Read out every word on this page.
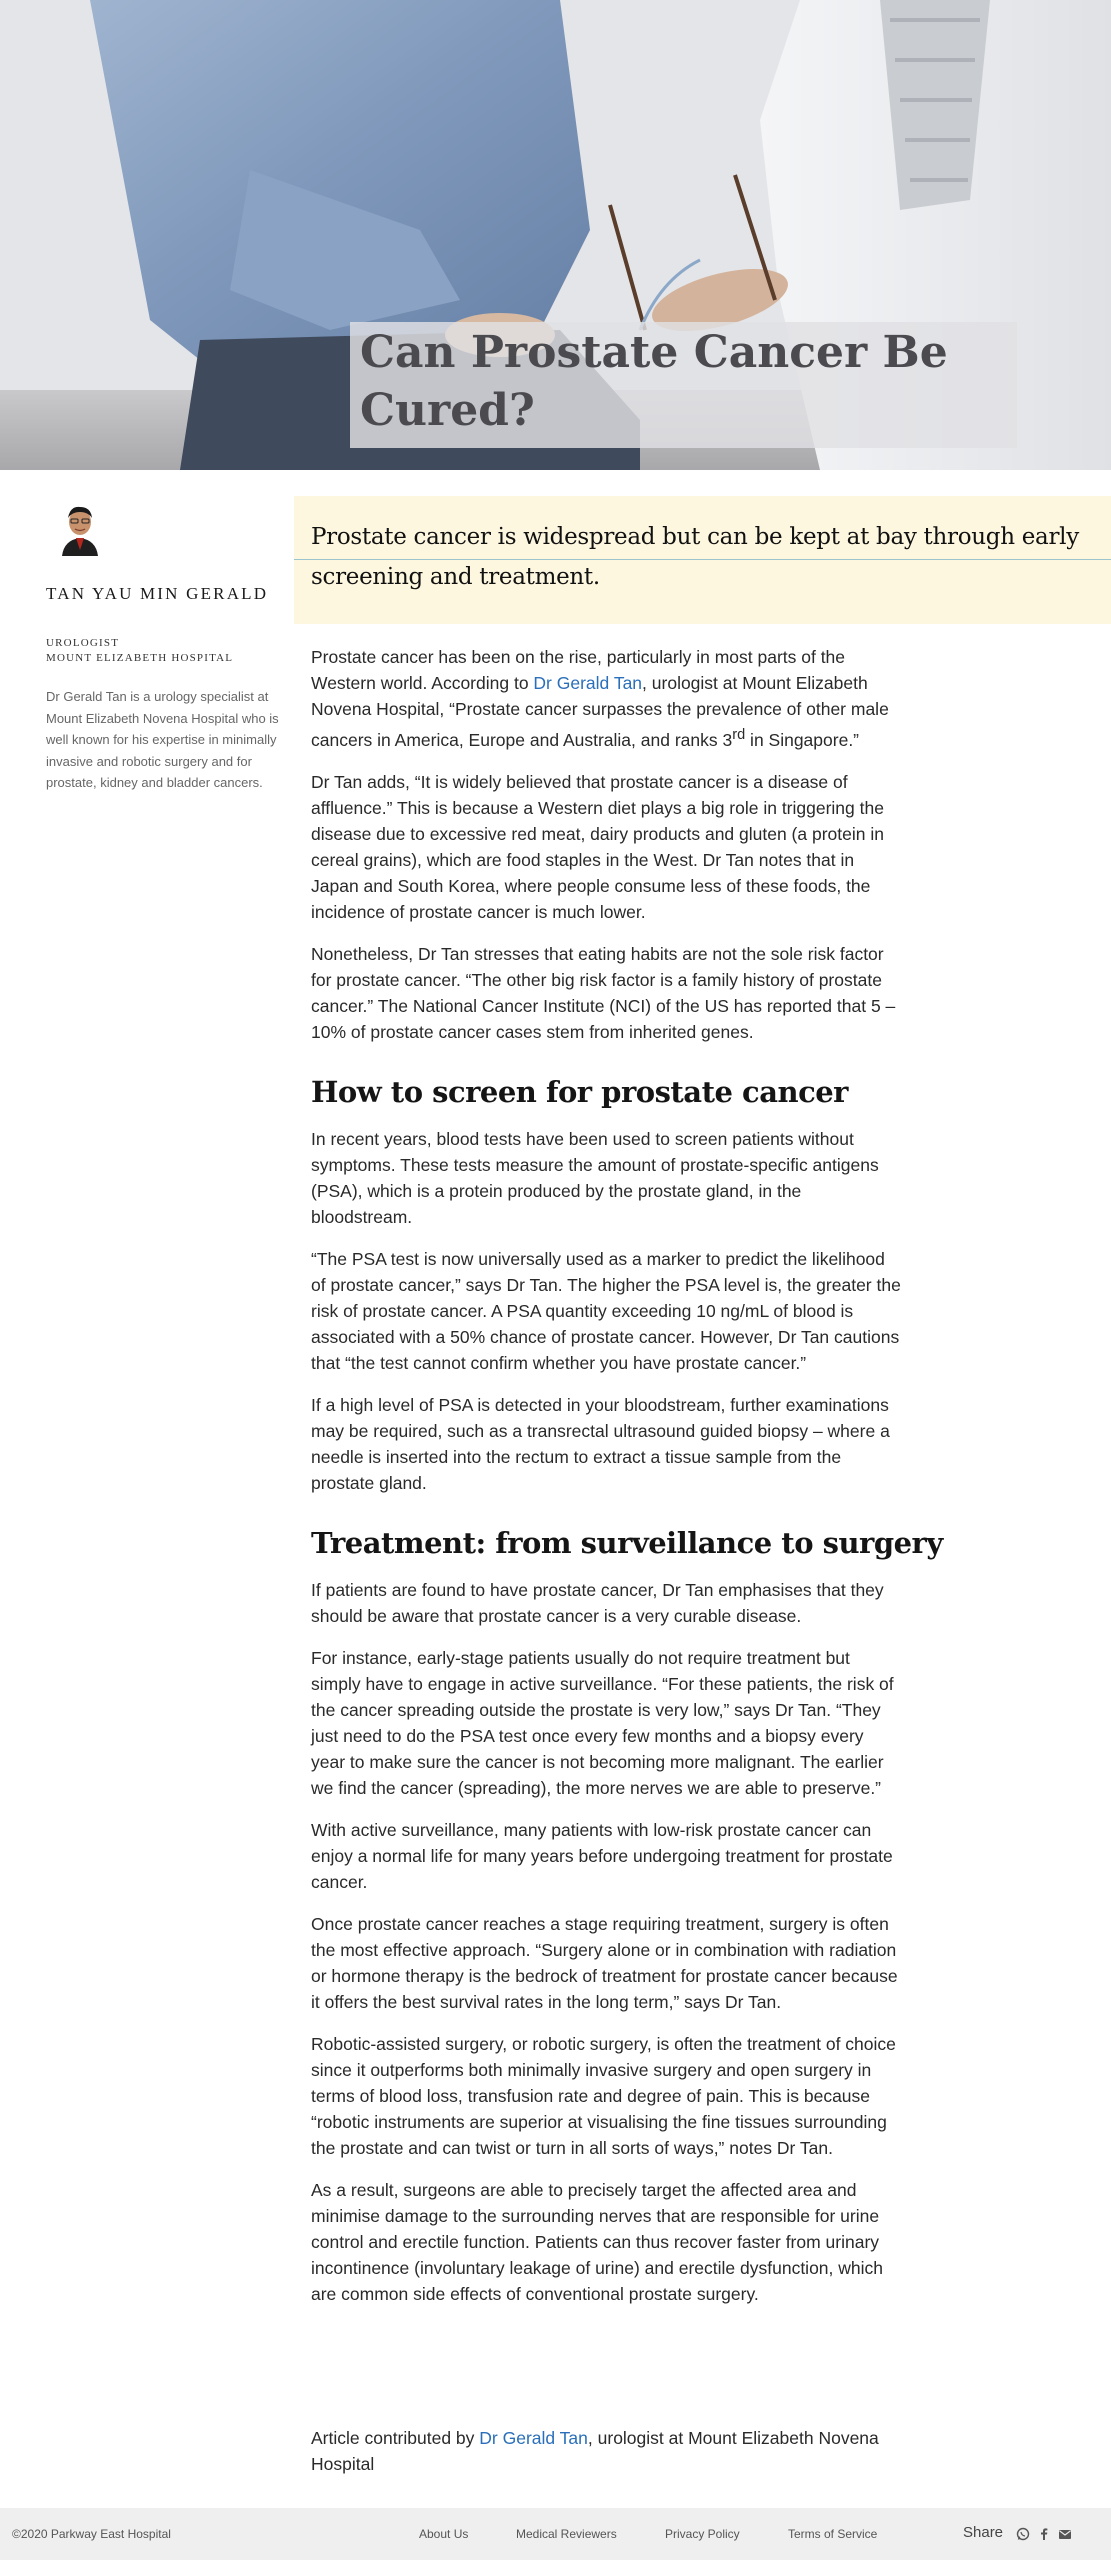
Can Prostate Cancer Be Cured?

TAN YAU MIN GERALD

UROLOGIST
MOUNT ELIZABETH HOSPITAL

Dr Gerald Tan is a urology specialist at Mount Elizabeth Novena Hospital who is well known for his expertise in minimally invasive and robotic surgery and for prostate, kidney and bladder cancers.

Prostate cancer is widespread but can be kept at bay through early screening and treatment.

Prostate cancer has been on the rise, particularly in most parts of the Western world. According to Dr Gerald Tan, urologist at Mount Elizabeth Novena Hospital, “Prostate cancer surpasses the prevalence of other male cancers in America, Europe and Australia, and ranks 3rd in Singapore.”

Dr Tan adds, “It is widely believed that prostate cancer is a disease of affluence.” This is because a Western diet plays a big role in triggering the disease due to excessive red meat, dairy products and gluten (a protein in cereal grains), which are food staples in the West. Dr Tan notes that in Japan and South Korea, where people consume less of these foods, the incidence of prostate cancer is much lower.

Nonetheless, Dr Tan stresses that eating habits are not the sole risk factor for prostate cancer. “The other big risk factor is a family history of prostate cancer.” The National Cancer Institute (NCI) of the US has reported that 5 – 10% of prostate cancer cases stem from inherited genes.

How to screen for prostate cancer

In recent years, blood tests have been used to screen patients without symptoms. These tests measure the amount of prostate-specific antigens (PSA), which is a protein produced by the prostate gland, in the bloodstream.

“The PSA test is now universally used as a marker to predict the likelihood of prostate cancer,” says Dr Tan. The higher the PSA level is, the greater the risk of prostate cancer. A PSA quantity exceeding 10 ng/mL of blood is associated with a 50% chance of prostate cancer. However, Dr Tan cautions that “the test cannot confirm whether you have prostate cancer.”

If a high level of PSA is detected in your bloodstream, further examinations may be required, such as a transrectal ultrasound guided biopsy – where a needle is inserted into the rectum to extract a tissue sample from the prostate gland.

Treatment: from surveillance to surgery

If patients are found to have prostate cancer, Dr Tan emphasises that they should be aware that prostate cancer is a very curable disease.

For instance, early-stage patients usually do not require treatment but simply have to engage in active surveillance. “For these patients, the risk of the cancer spreading outside the prostate is very low,” says Dr Tan. “They just need to do the PSA test once every few months and a biopsy every year to make sure the cancer is not becoming more malignant. The earlier we find the cancer (spreading), the more nerves we are able to preserve.”

With active surveillance, many patients with low-risk prostate cancer can enjoy a normal life for many years before undergoing treatment for prostate cancer.

Once prostate cancer reaches a stage requiring treatment, surgery is often the most effective approach. “Surgery alone or in combination with radiation or hormone therapy is the bedrock of treatment for prostate cancer because it offers the best survival rates in the long term,” says Dr Tan.

Robotic-assisted surgery, or robotic surgery, is often the treatment of choice since it outperforms both minimally invasive surgery and open surgery in terms of blood loss, transfusion rate and degree of pain. This is because “robotic instruments are superior at visualising the fine tissues surrounding the prostate and can twist or turn in all sorts of ways,” notes Dr Tan.

As a result, surgeons are able to precisely target the affected area and minimise damage to the surrounding nerves that are responsible for urine control and erectile function. Patients can thus recover faster from urinary incontinence (involuntary leakage of urine) and erectile dysfunction, which are common side effects of conventional prostate surgery.

Article contributed by Dr Gerald Tan, urologist at Mount Elizabeth Novena Hospital

©2020 Parkway East Hospital	About Us	Medical Reviewers	Privacy Policy	Terms of Service	Share
